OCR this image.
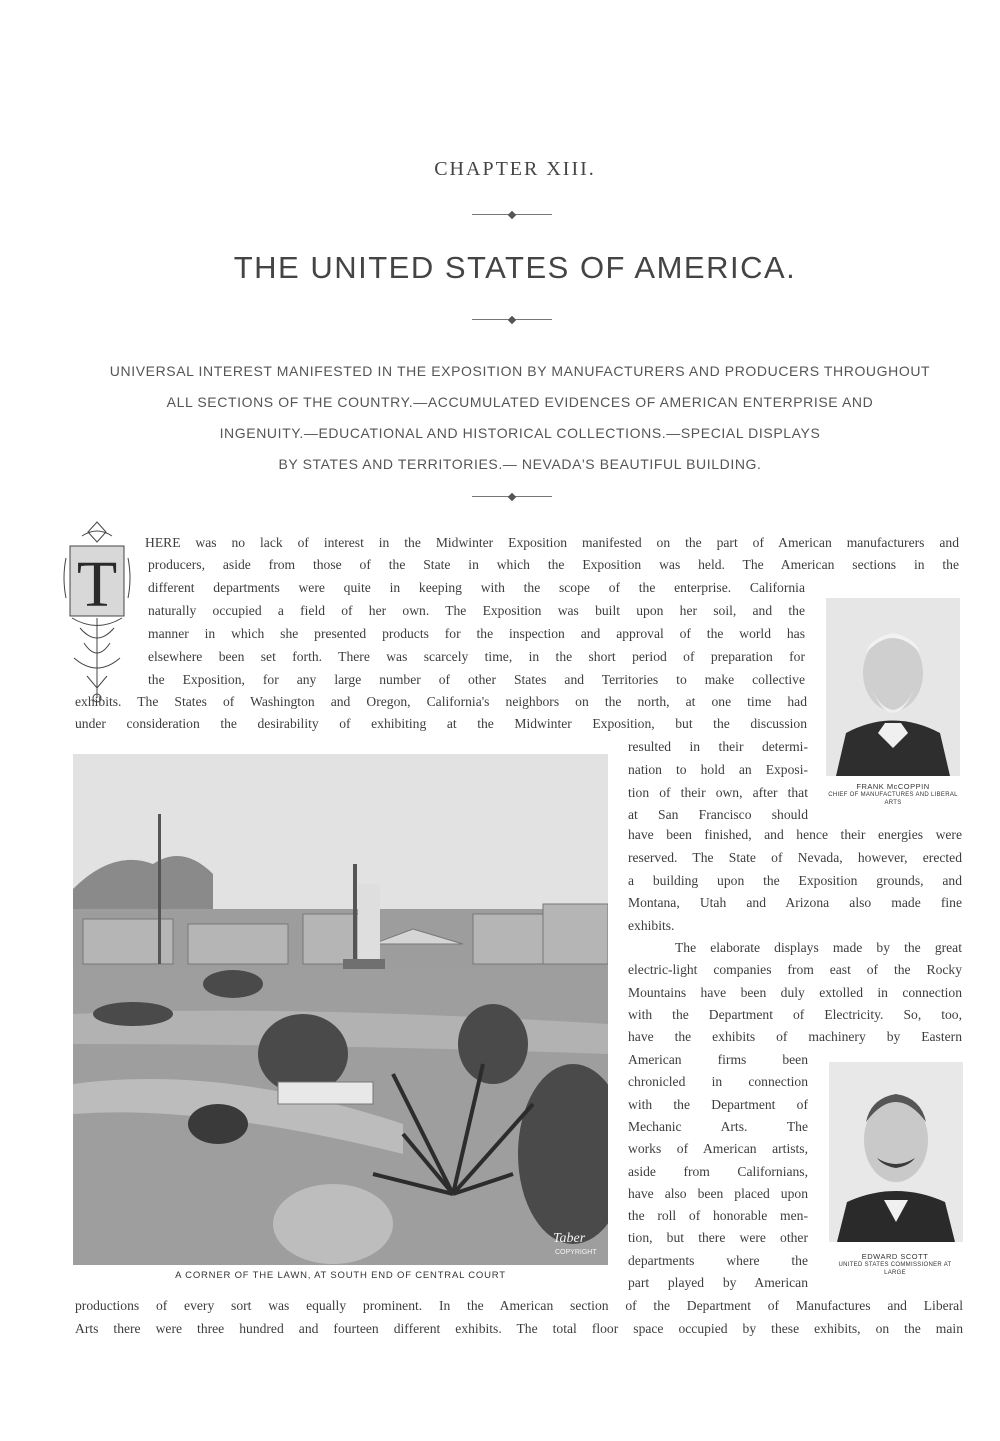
CHAPTER XIII.
THE UNITED STATES OF AMERICA.
UNIVERSAL INTEREST MANIFESTED IN THE EXPOSITION BY MANUFACTURERS AND PRODUCERS THROUGHOUT
ALL SECTIONS OF THE COUNTRY.—ACCUMULATED EVIDENCES OF AMERICAN ENTERPRISE AND
INGENUITY.—EDUCATIONAL AND HISTORICAL COLLECTIONS.—SPECIAL DISPLAYS
BY STATES AND TERRITORIES.— NEVADA'S BEAUTIFUL BUILDING.
T
HERE was no lack of interest in the Midwinter Exposition manifested on the part of American manufacturers and
producers, aside from those of the State in which the Exposition was held. The American sections in the
different departments were quite in keeping with the scope of the enterprise. California
naturally occupied a field of her own. The Exposition was built upon her soil, and the
manner in which she presented products for the inspection and approval of the world has
elsewhere been set forth. There was scarcely time, in the short period of preparation for
the Exposition, for any large number of other States and Territories to make collective
exhibits. The States of Washington and Oregon, California's neighbors on the north, at one time had
under consideration the desirability of exhibiting at the Midwinter Exposition, but the discussion
resulted in their determi-
nation to hold an Exposi-
tion of their own, after that
at San Francisco should
have been finished, and hence their energies were
reserved. The State of Nevada, however, erected
a building upon the Exposition grounds, and
Montana, Utah and Arizona also made fine
exhibits.
The elaborate displays made by the great
electric-light companies from east of the Rocky
Mountains have been duly extolled in connection
with the Department of Electricity. So, too,
have the exhibits of machinery by Eastern
American firms been
chronicled in connection
with the Department of
Mechanic Arts. The
works of American artists,
aside from Californians,
have also been placed upon
the roll of honorable men-
tion, but there were other
departments where the
part played by American
productions of every sort was equally prominent. In the American section of the Department of Manufactures and Liberal
Arts there were three hundred and fourteen different exhibits. The total floor space occupied by these exhibits, on the main
Taber
COPYRIGHT
A CORNER OF THE LAWN, AT SOUTH END OF CENTRAL COURT
FRANK McCOPPIN
CHIEF OF MANUFACTURES AND LIBERAL
ARTS
EDWARD SCOTT
UNITED STATES COMMISSIONER AT
LARGE
